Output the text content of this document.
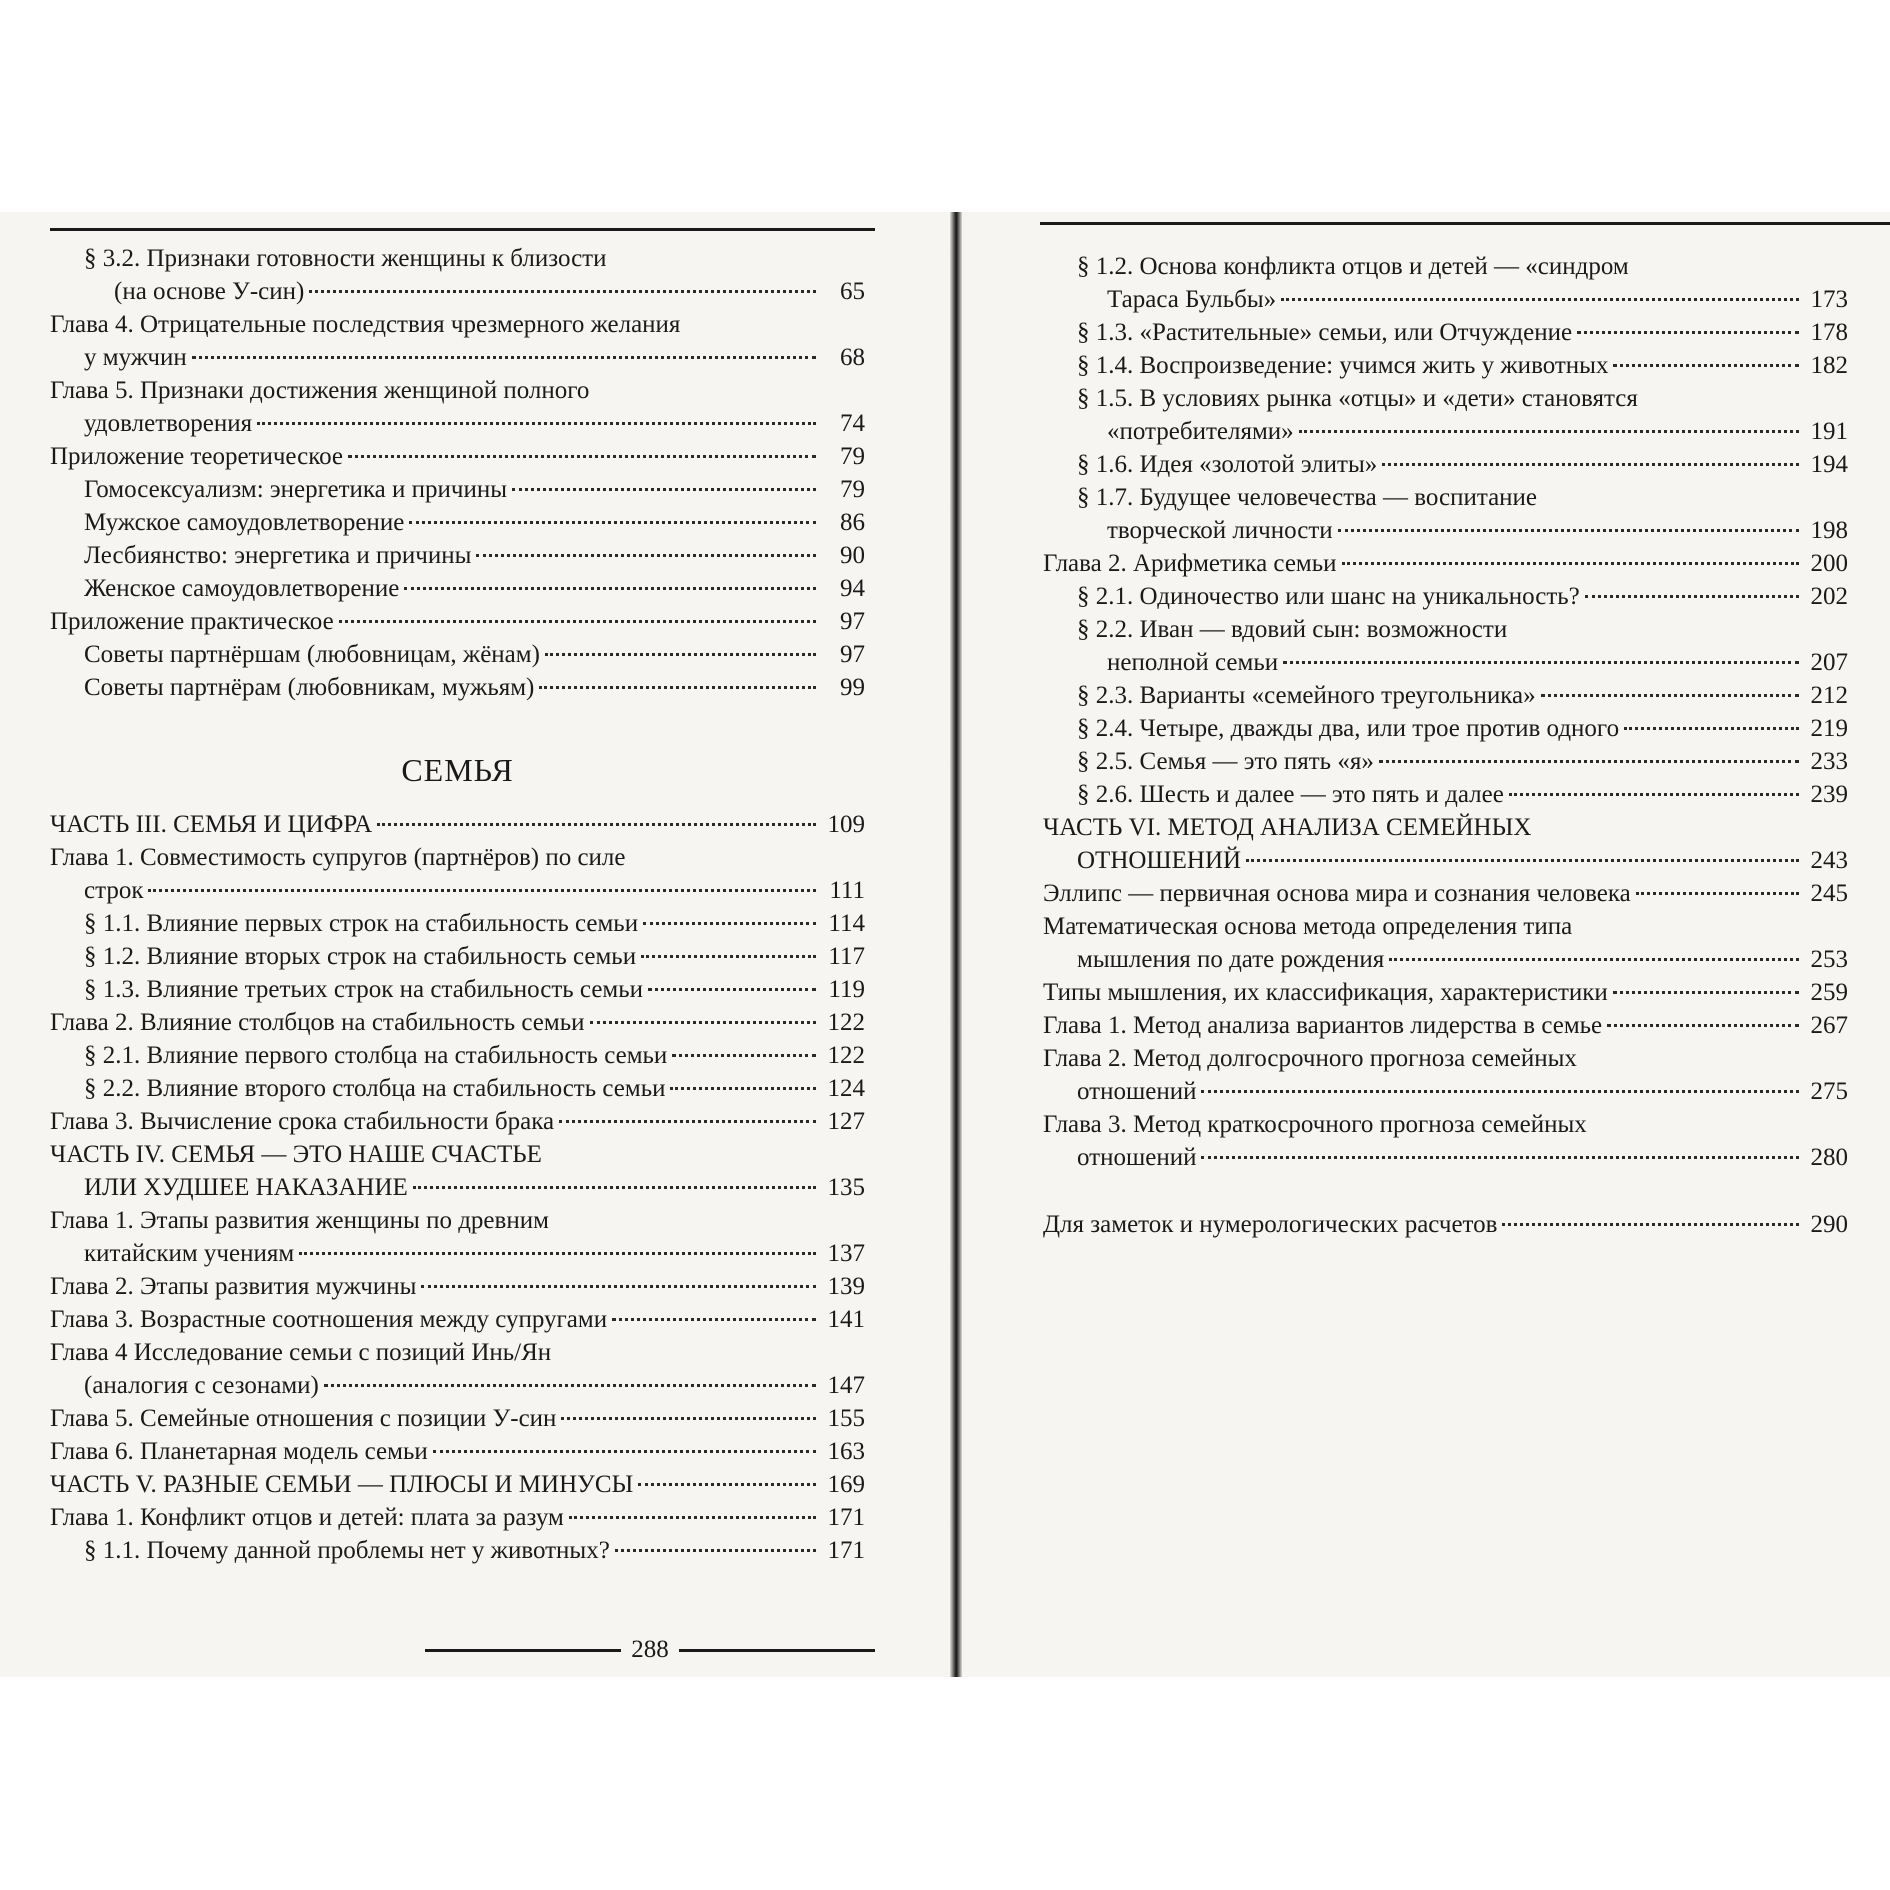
§ 3.2. Признаки готовности женщины к близости
(на основе У-син)	65
Глава 4. Отрицательные последствия чрезмерного желания
у мужчин	68
Глава 5. Признаки достижения женщиной полного
удовлетворения	74
Приложение теоретическое	79
Гомосексуализм: энергетика и причины	79
Мужское самоудовлетворение	86
Лесбиянство: энергетика и причины	90
Женское самоудовлетворение	94
Приложение практическое	97
Советы партнёршам (любовницам, жёнам)	97
Советы партнёрам (любовникам, мужьям)	99
СЕМЬЯ
ЧАСТЬ III. СЕМЬЯ И ЦИФРА	109
Глава 1. Совместимость супругов (партнёров) по силе
строк	111
§ 1.1. Влияние первых строк на стабильность семьи	114
§ 1.2. Влияние вторых строк на стабильность семьи	117
§ 1.3. Влияние третьих строк на стабильность семьи	119
Глава 2. Влияние столбцов на стабильность семьи	122
§ 2.1. Влияние первого столбца на стабильность семьи	122
§ 2.2. Влияние второго столбца на стабильность семьи	124
Глава 3. Вычисление срока стабильности брака	127
ЧАСТЬ IV. СЕМЬЯ — ЭТО НАШЕ СЧАСТЬЕ
ИЛИ ХУДШЕЕ НАКАЗАНИЕ	135
Глава 1. Этапы развития женщины по древним
китайским учениям	137
Глава 2. Этапы развития мужчины	139
Глава 3. Возрастные соотношения между супругами	141
Глава 4 Исследование семьи с позиций Инь/Ян
(аналогия с сезонами)	147
Глава 5. Семейные отношения с позиции У-син	155
Глава 6. Планетарная модель семьи	163
ЧАСТЬ V. РАЗНЫЕ СЕМЬИ — ПЛЮСЫ И МИНУСЫ	169
Глава 1. Конфликт отцов и детей: плата за разум	171
§ 1.1. Почему данной проблемы нет у животных?	171
288
§ 1.2. Основа конфликта отцов и детей — «синдром
Тараса Бульбы»	173
§ 1.3. «Растительные» семьи, или Отчуждение	178
§ 1.4. Воспроизведение: учимся жить у животных	182
§ 1.5. В условиях рынка «отцы» и «дети» становятся
«потребителями»	191
§ 1.6. Идея «золотой элиты»	194
§ 1.7. Будущее человечества — воспитание
творческой личности	198
Глава 2. Арифметика семьи	200
§ 2.1. Одиночество или шанс на уникальность?	202
§ 2.2. Иван — вдовий сын: возможности
неполной семьи	207
§ 2.3. Варианты «семейного треугольника»	212
§ 2.4. Четыре, дважды два, или трое против одного	219
§ 2.5. Семья — это пять «я»	233
§ 2.6. Шесть и далее — это пять и далее	239
ЧАСТЬ VI. МЕТОД АНАЛИЗА СЕМЕЙНЫХ
ОТНОШЕНИЙ	243
Эллипс — первичная основа мира и сознания человека	245
Математическая основа метода определения типа
мышления по дате рождения	253
Типы мышления, их классификация, характеристики	259
Глава 1. Метод анализа вариантов лидерства в семье	267
Глава 2. Метод долгосрочного прогноза семейных
отношений	275
Глава 3. Метод краткосрочного прогноза семейных
отношений	280
Для заметок и нумерологических расчетов	290
